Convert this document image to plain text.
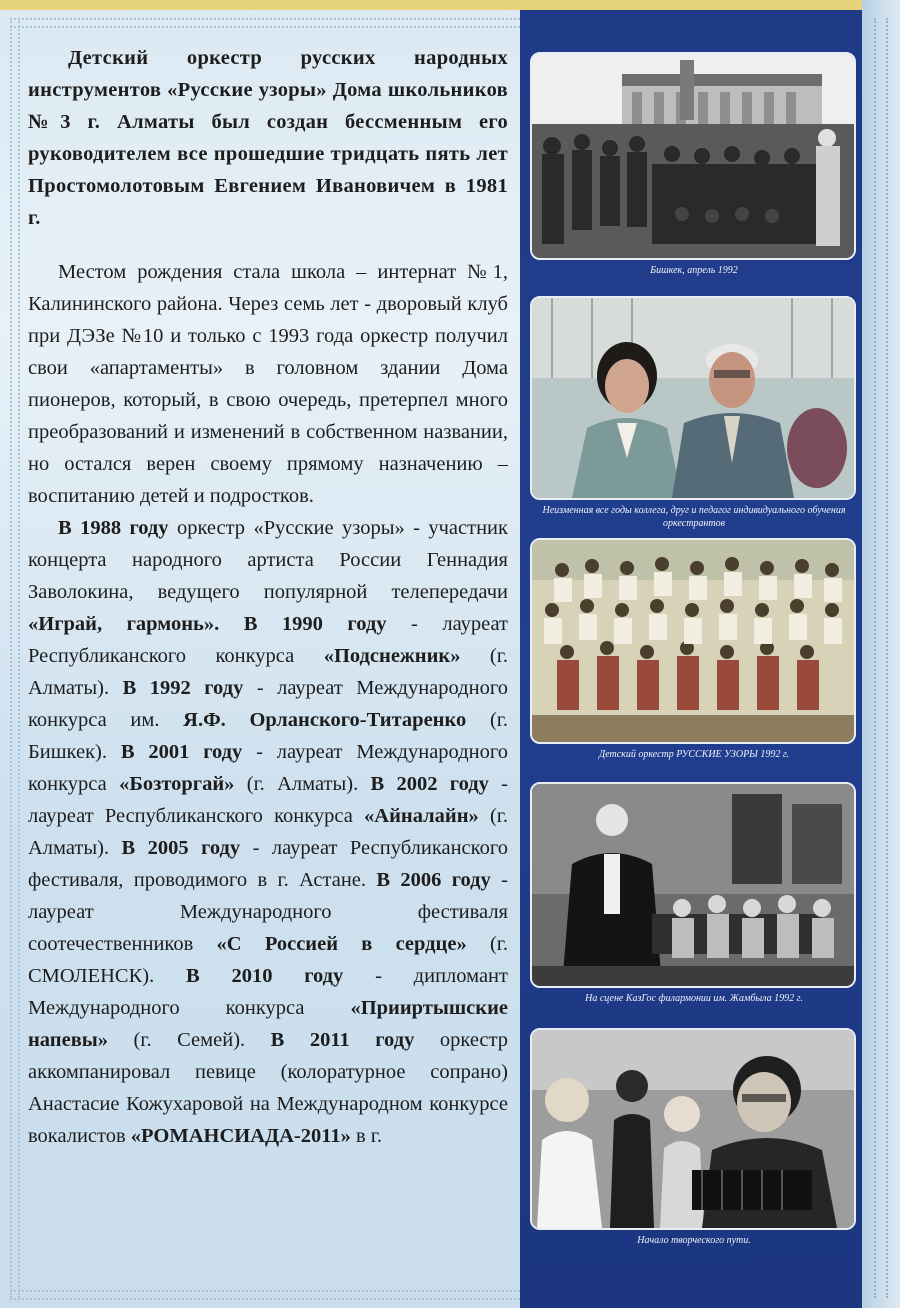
Детский оркестр русских народных инструментов «Русские узоры» Дома школьников №3 г. Алматы был создан бессменным его руководителем все прошедшие тридцать пять лет Простомолотовым Евгением Ивановичем в 1981 г.

Местом рождения стала школа – интернат №1, Калининского района. Через семь лет - дворовый клуб при ДЭЗе №10 и только с 1993 года оркестр получил свои «апартаменты» в головном здании Дома пионеров, который, в свою очередь, претерпел много преобразований и изменений в собственном названии, но остался верен своему прямому назначению – воспитанию детей и подростков.

В 1988 году оркестр «Русские узоры» - участник концерта народного артиста России Геннадия Заволокина, ведущего популярной телепередачи «Играй, гармонь». В 1990 году - лауреат Республиканского конкурса «Подснежник» (г. Алматы). В 1992 году - лауреат Международного конкурса им. Я.Ф. Орланского-Титаренко (г. Бишкек). В 2001 году - лауреат Международного конкурса «Бозторгай» (г. Алматы). В 2002 году - лауреат Республиканского конкурса «Айналайн» (г. Алматы). В 2005 году - лауреат Республиканского фестиваля, проводимого в г. Астане. В 2006 году - лауреат Международного фестиваля соотечественников «С Россией в сердце» (г. СМОЛЕНСК). В 2010 году - дипломант Международного конкурса «Прииртышские напевы» (г. Семей). В 2011 году оркестр аккомпанировал певице (колоратурное сопрано) Анастасие Кожухаровой на Международном конкурсе вокалистов «РОМАНСИАДА-2011» в г.

Бишкек, апрель 1992
Неизменная все годы коллега, друг и педагог индивидуального обучения оркестрантов
Детский оркестр РУССКИЕ УЗОРЫ 1992 г.
На сцене КазГос филармонии им. Жамбыла 1992 г.
Начало творческого пути.
